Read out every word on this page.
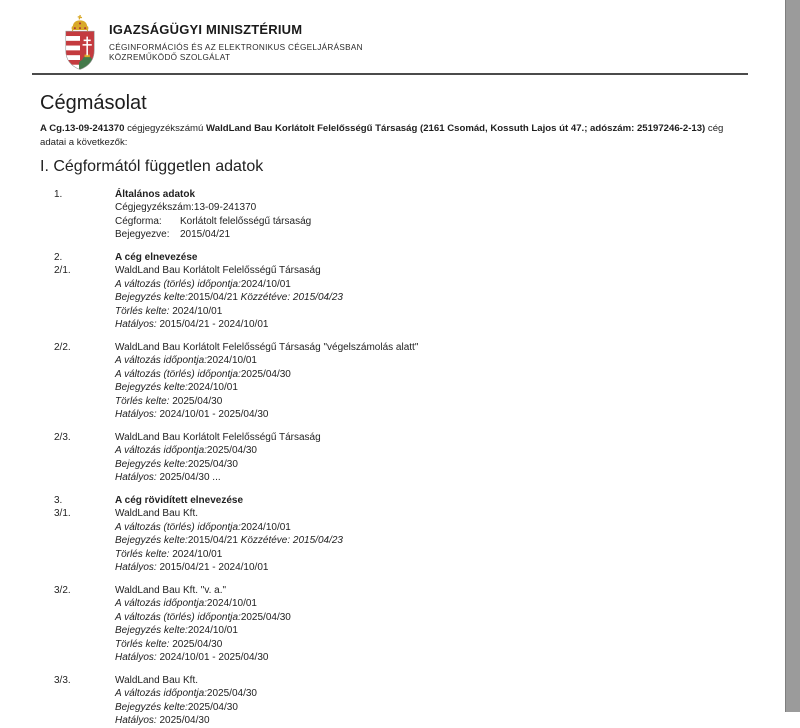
IGAZSÁGÜGYI MINISZTÉRIUM
CÉGINFORMÁCIÓS ÉS AZ ELEKTRONIKUS CÉGELJÁRÁSBAN
KÖZREMŰKÖDŐ SZOLGÁLAT
Cégmásolat

A Cg.13-09-241370 cégjegyzékszámú WaldLand Bau Korlátolt Felelősségű Társaság (2161 Csomád, Kossuth Lajos út 47.; adószám: 25197246-2-13) cég adatai a következők:

I. Cégformától független adatok
1.	Általános adatok

Cégjegyzékszám:13-09-241370

Cégforma: Korlátolt felelősségű társaság

Bejegyezve: 2015/04/21

2.	A cég elnevezése

2/1.	WaldLand Bau Korlátolt Felelősségű Társaság

A változás (törlés) időpontja:2024/10/01

Bejegyzés kelte:2015/04/21 Közzétéve: 2015/04/23

Törlés kelte: 2024/10/01

Hatályos: 2015/04/21 - 2024/10/01

2/2.	WaldLand Bau Korlátolt Felelősségű Társaság "végelszámolás alatt"

A változás időpontja:2024/10/01

A változás (törlés) időpontja:2025/04/30

Bejegyzés kelte:2024/10/01

Törlés kelte: 2025/04/30

Hatályos: 2024/10/01 - 2025/04/30

2/3.	WaldLand Bau Korlátolt Felelősségű Társaság

A változás időpontja:2025/04/30

Bejegyzés kelte:2025/04/30

Hatályos: 2025/04/30 ...

3.	A cég rövidített elnevezése

3/1.	WaldLand Bau Kft.

A változás (törlés) időpontja:2024/10/01

Bejegyzés kelte:2015/04/21 Közzétéve: 2015/04/23

Törlés kelte: 2024/10/01

Hatályos: 2015/04/21 - 2024/10/01

3/2.	WaldLand Bau Kft. "v. a."

A változás időpontja:2024/10/01

A változás (törlés) időpontja:2025/04/30

Bejegyzés kelte:2024/10/01

Törlés kelte: 2025/04/30

Hatályos: 2024/10/01 - 2025/04/30

3/3.	WaldLand Bau Kft.

A változás időpontja:2025/04/30

Bejegyzés kelte:2025/04/30

Hatályos: 2025/04/30
